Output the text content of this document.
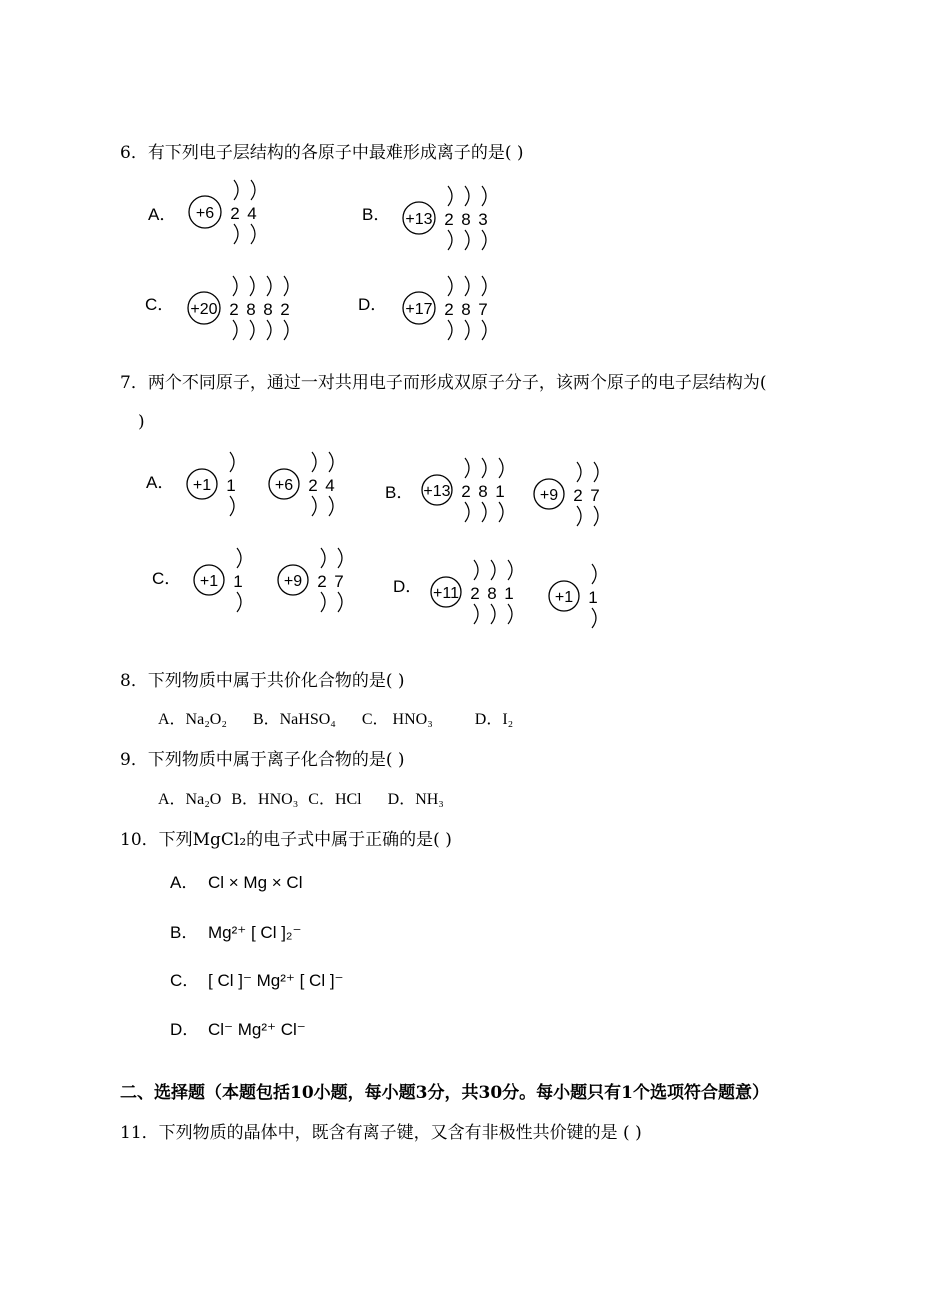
6．有下列电子层结构的各原子中最难形成离子的是( )
A． +6 2 4	B． +13 2 8 3
C． +20 2 8 8 2	D． +17 2 8 7
A． +1 1 +6 2 4	B． +13 2 8 1 +9 2 7
C． +1 1	+9 2 7	D． +11 2 8 1	+1 1
A． Cl × Mg × Cl
B． Mg²⁺ [ Cl ]₂⁻
C． [ Cl ]⁻ Mg²⁺ [ Cl ]⁻
D． Cl⁻ Mg²⁺ Cl⁻
7．两个不同原子，通过一对共用电子而形成双原子分子，该两个原子的电子层结构为(
)
8．下列物质中属于共价化合物的是( )
A．Na₂O₂ B．NaHSO₄ C． HNO₃	D．I₂
9．下列物质中属于离子化合物的是( )
A．Na₂O B．HNO₃ C．HCl D．NH₃
10．下列MgCl₂的电子式中属于正确的是( )
二、选择题（本题包括10小题，每小题3分，共30分。每小题只有1个选项符合题意）
11．下列物质的晶体中，既含有离子键，又含有非极性共价键的是 ( )
